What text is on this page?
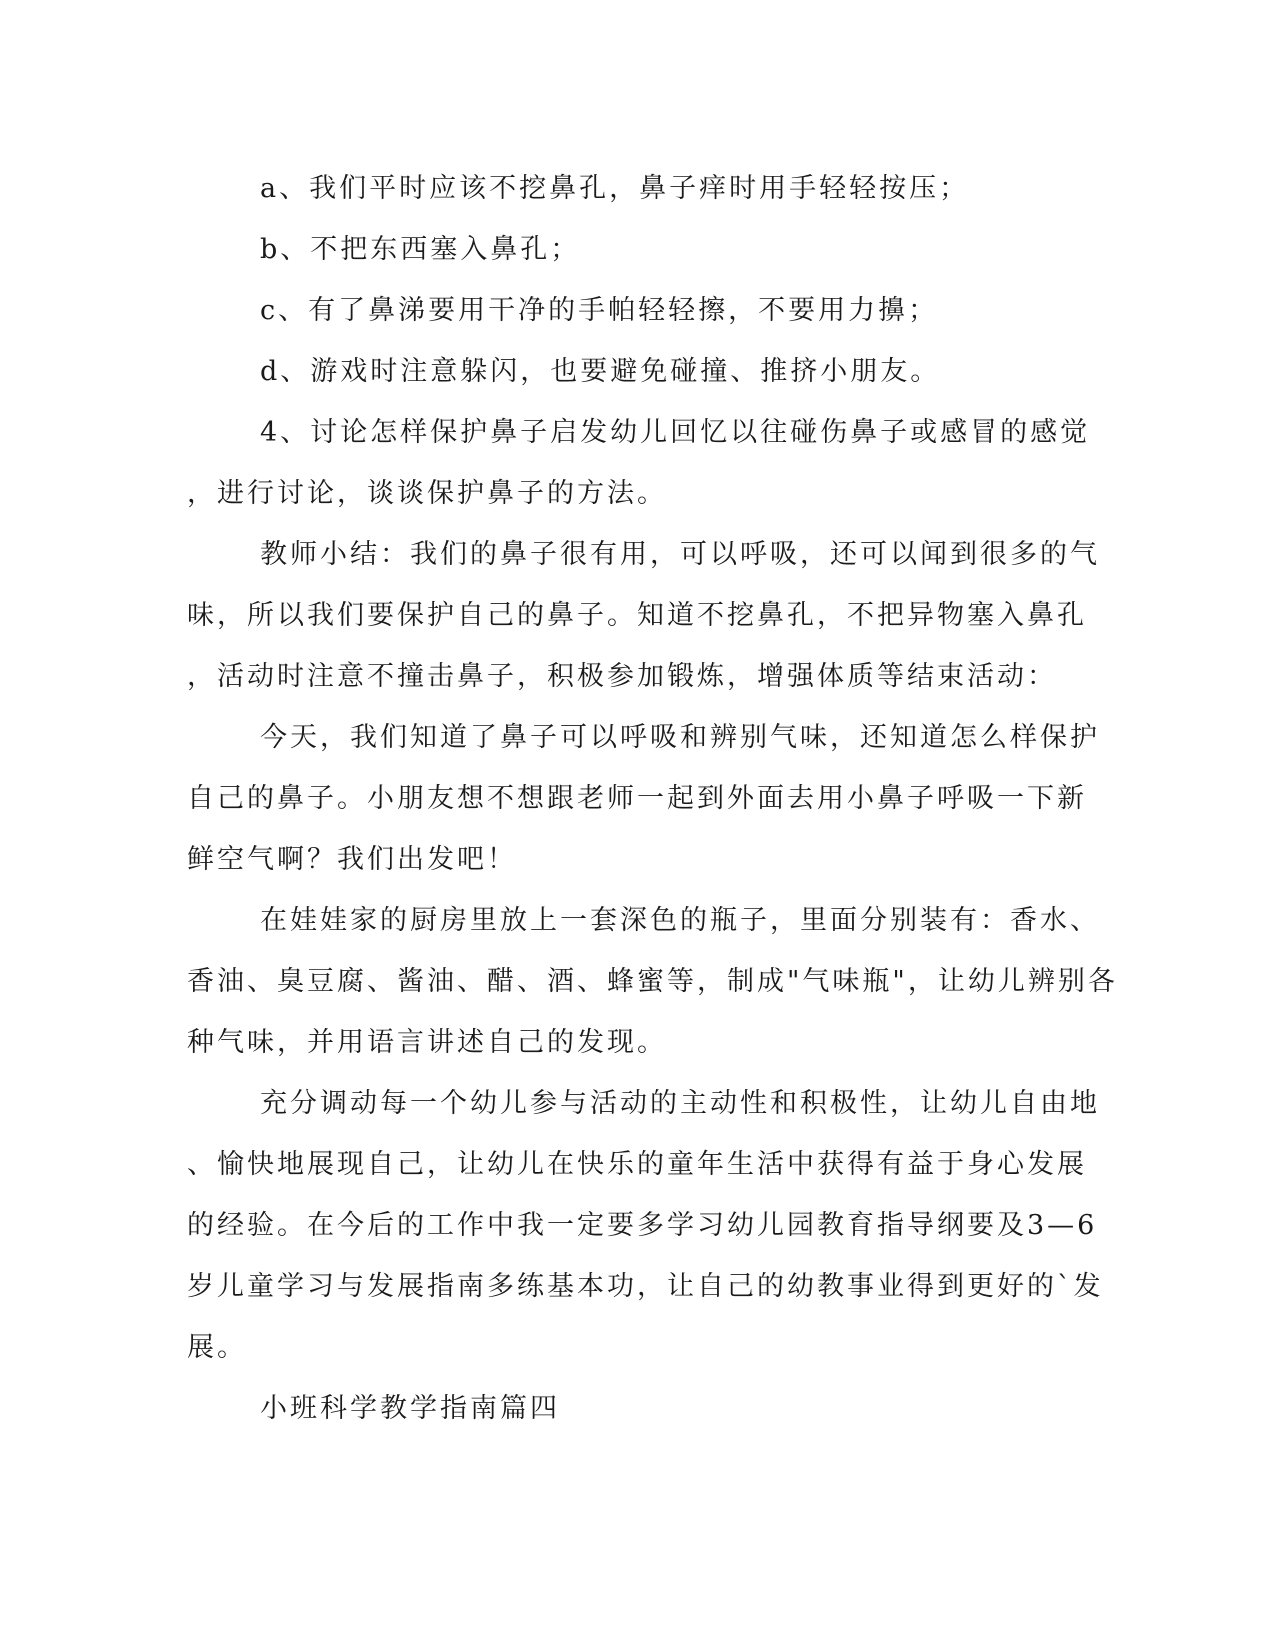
a、我们平时应该不挖鼻孔，鼻子痒时用手轻轻按压；
b、不把东西塞入鼻孔；
c、有了鼻涕要用干净的手帕轻轻擦，不要用力擤；
d、游戏时注意躲闪，也要避免碰撞、推挤小朋友。
4、讨论怎样保护鼻子启发幼儿回忆以往碰伤鼻子或感冒的感觉
，进行讨论，谈谈保护鼻子的方法。
教师小结：我们的鼻子很有用，可以呼吸，还可以闻到很多的气
味，所以我们要保护自己的鼻子。知道不挖鼻孔，不把异物塞入鼻孔
，活动时注意不撞击鼻子，积极参加锻炼，增强体质等结束活动：
今天，我们知道了鼻子可以呼吸和辨别气味，还知道怎么样保护
自己的鼻子。小朋友想不想跟老师一起到外面去用小鼻子呼吸一下新
鲜空气啊？我们出发吧！
在娃娃家的厨房里放上一套深色的瓶子，里面分别装有：香水、
香油、臭豆腐、酱油、醋、酒、蜂蜜等，制成"气味瓶"，让幼儿辨别各
种气味，并用语言讲述自己的发现。
充分调动每一个幼儿参与活动的主动性和积极性，让幼儿自由地
、愉快地展现自己，让幼儿在快乐的童年生活中获得有益于身心发展
的经验。在今后的工作中我一定要多学习幼儿园教育指导纲要及3—6
岁儿童学习与发展指南多练基本功，让自己的幼教事业得到更好的`发
展。
小班科学教学指南篇四
